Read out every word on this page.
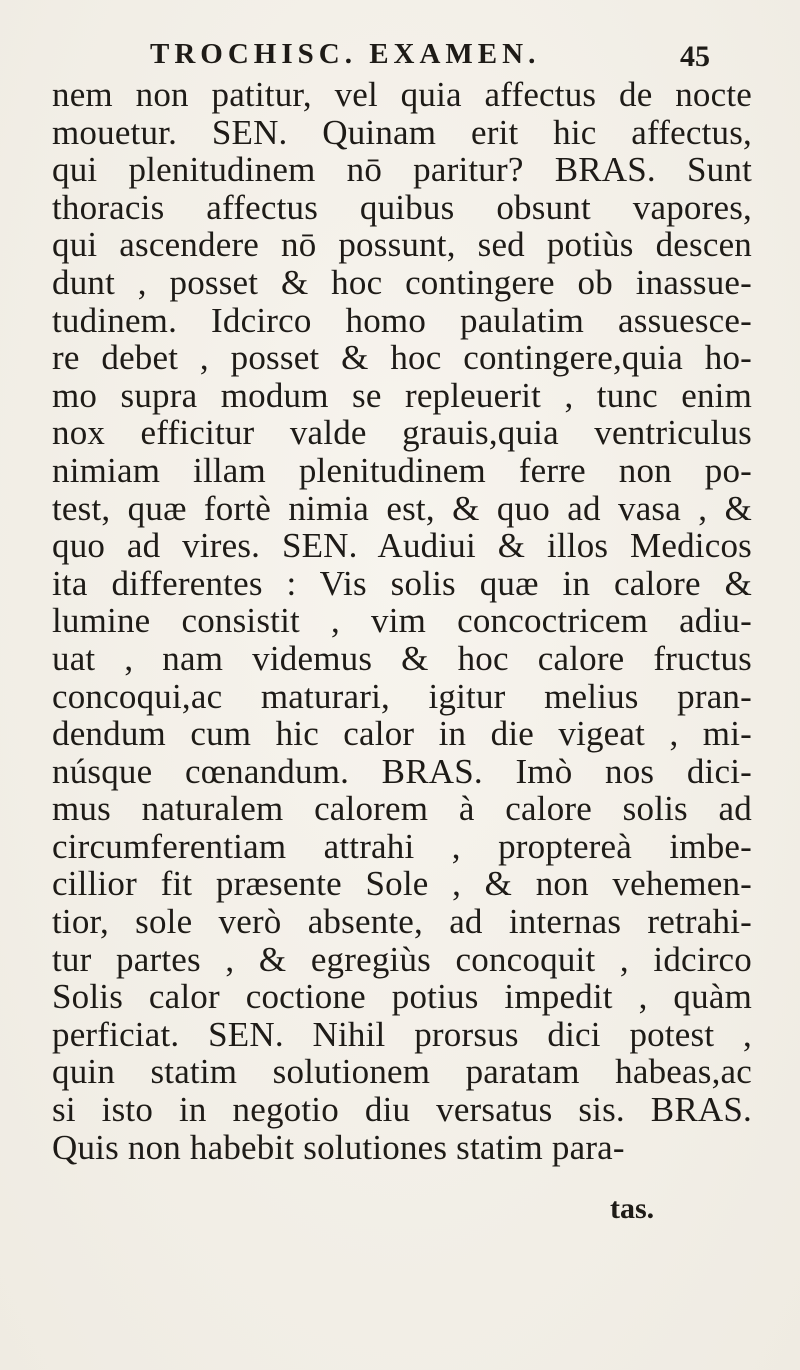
TROCHISC. EXAMEN.	45
nem non patitur, vel quia affectus de nocte
mouetur. SEN. Quinam erit hic affectus,
qui plenitudinem nō paritur? BRAS. Sunt
thoracis affectus quibus obsunt vapores,
qui ascendere nō possunt, sed potiùs descen
dunt , posset & hoc contingere ob inassue-
tudinem. Idcirco homo paulatim assuesce-
re debet , posset & hoc contingere,quia ho-
mo supra modum se repleuerit , tunc enim
nox efficitur valde grauis,quia ventriculus
nimiam illam plenitudinem ferre non po-
test, quæ fortè nimia est, & quo ad vasa , &
quo ad vires. SEN. Audiui & illos Medicos
ita differentes : Vis solis quæ in calore &
lumine consistit , vim concoctricem adiu-
uat , nam videmus & hoc calore fructus
concoqui,ac maturari, igitur melius pran-
dendum cum hic calor in die vigeat , mi-
núsque cœnandum. BRAS. Imò nos dici-
mus naturalem calorem à calore solis ad
circumferentiam attrahi , proptereà imbe-
cillior fit præsente Sole , & non vehemen-
tior, sole verò absente, ad internas retrahi-
tur partes , & egregiùs concoquit , idcirco
Solis calor coctione potius impedit , quàm
perficiat. SEN. Nihil prorsus dici potest ,
quin statim solutionem paratam habeas,ac
si isto in negotio diu versatus sis. BRAS.
Quis non habebit solutiones statim para-
tas.
